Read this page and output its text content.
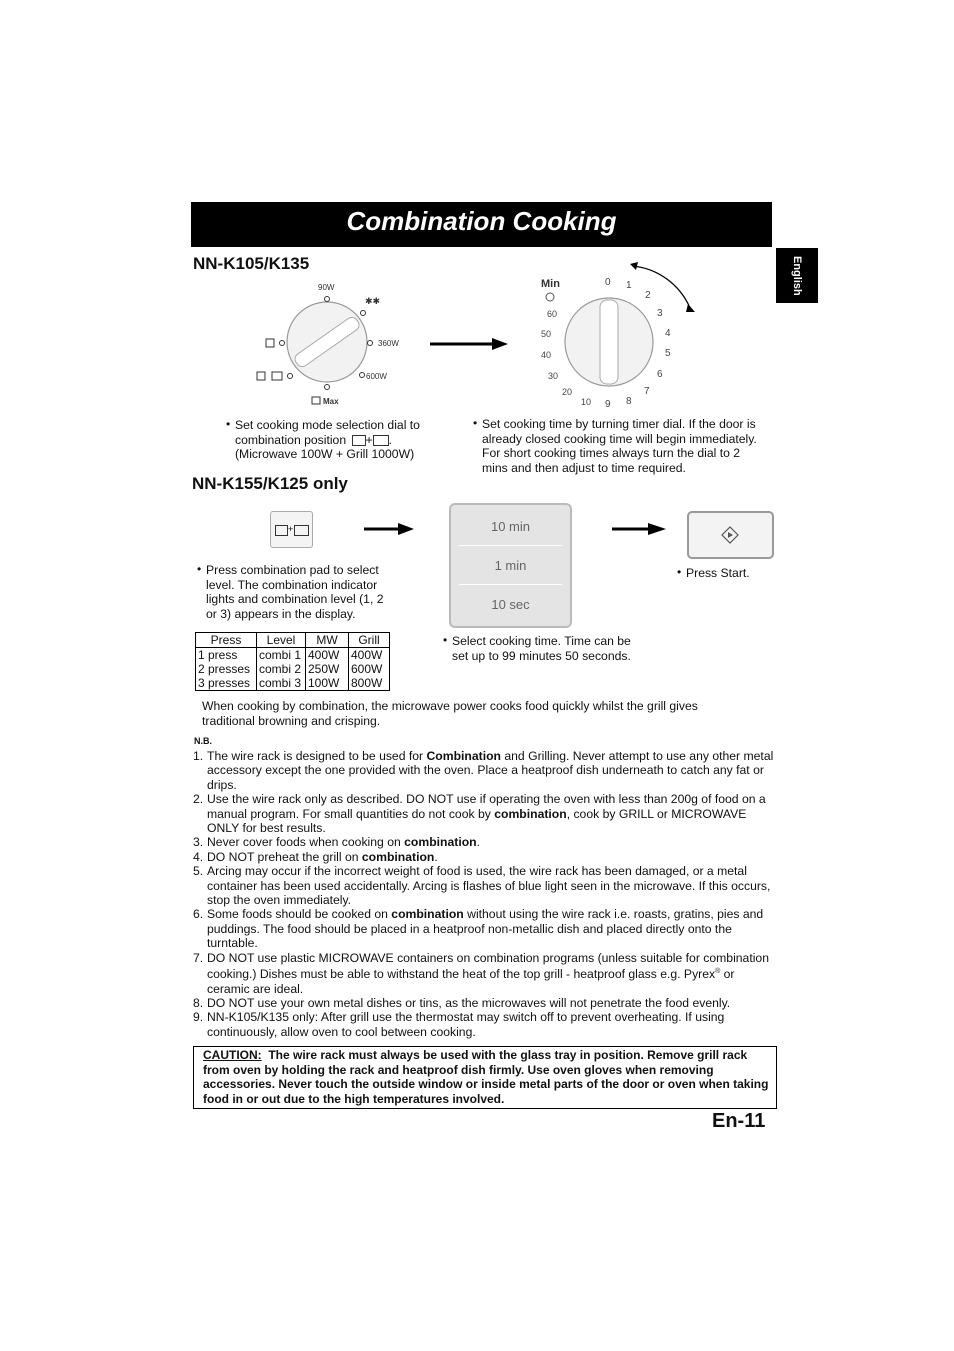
Combination Cooking
English
NN-K105/K135
✱✱
90W
360W
600W
Max
Min	0 1
2
3
4
5
6
7
8
9
10
20
30
40
50
60
• Set cooking mode selection dial to
combination position + .
(Microwave 100W + Grill 1000W)
• Set cooking time by turning timer dial. If the door is
already closed cooking time will begin immediately.
For short cooking times always turn the dial to 2
mins and then adjust to time required.
NN-K155/K125 only
+	10 min
1 min
10 sec
• Press combination pad to select
level. The combination indicator
lights and combination level (1, 2
or 3) appears in the display.
• Press Start.
• Select cooking time. Time can be
set up to 99 minutes 50 seconds.
Press	Level	MW	Grill
1 press	combi 1	400W	400W
2 presses	combi 2	250W	600W
3 presses	combi 3	100W	800W
When cooking by combination, the microwave power cooks food quickly whilst the grill gives
traditional browning and crisping.
N.B.
1. The wire rack is designed to be used for Combination and Grilling. Never attempt to use any other metal accessory except the one provided with the oven. Place a heatproof dish underneath to catch any fat or drips.
2. Use the wire rack only as described. DO NOT use if operating the oven with less than 200g of food on a manual program. For small quantities do not cook by combination, cook by GRILL or MICROWAVE ONLY for best results.
3. Never cover foods when cooking on combination.
4. DO NOT preheat the grill on combination.
5. Arcing may occur if the incorrect weight of food is used, the wire rack has been damaged, or a metal container has been used accidentally. Arcing is flashes of blue light seen in the microwave. If this occurs, stop the oven immediately.
6. Some foods should be cooked on combination without using the wire rack i.e. roasts, gratins, pies and puddings. The food should be placed in a heatproof non-metallic dish and placed directly onto the turntable.
7. DO NOT use plastic MICROWAVE containers on combination programs (unless suitable for combination cooking.) Dishes must be able to withstand the heat of the top grill - heatproof glass e.g. Pyrex® or ceramic are ideal.
8. DO NOT use your own metal dishes or tins, as the microwaves will not penetrate the food evenly.
9. NN-K105/K135 only: After grill use the thermostat may switch off to prevent overheating. If using continuously, allow oven to cool between cooking.
CAUTION: The wire rack must always be used with the glass tray in position. Remove grill rack from oven by holding the rack and heatproof dish firmly. Use oven gloves when removing accessories. Never touch the outside window or inside metal parts of the door or oven when taking food in or out due to the high temperatures involved.
En-11
